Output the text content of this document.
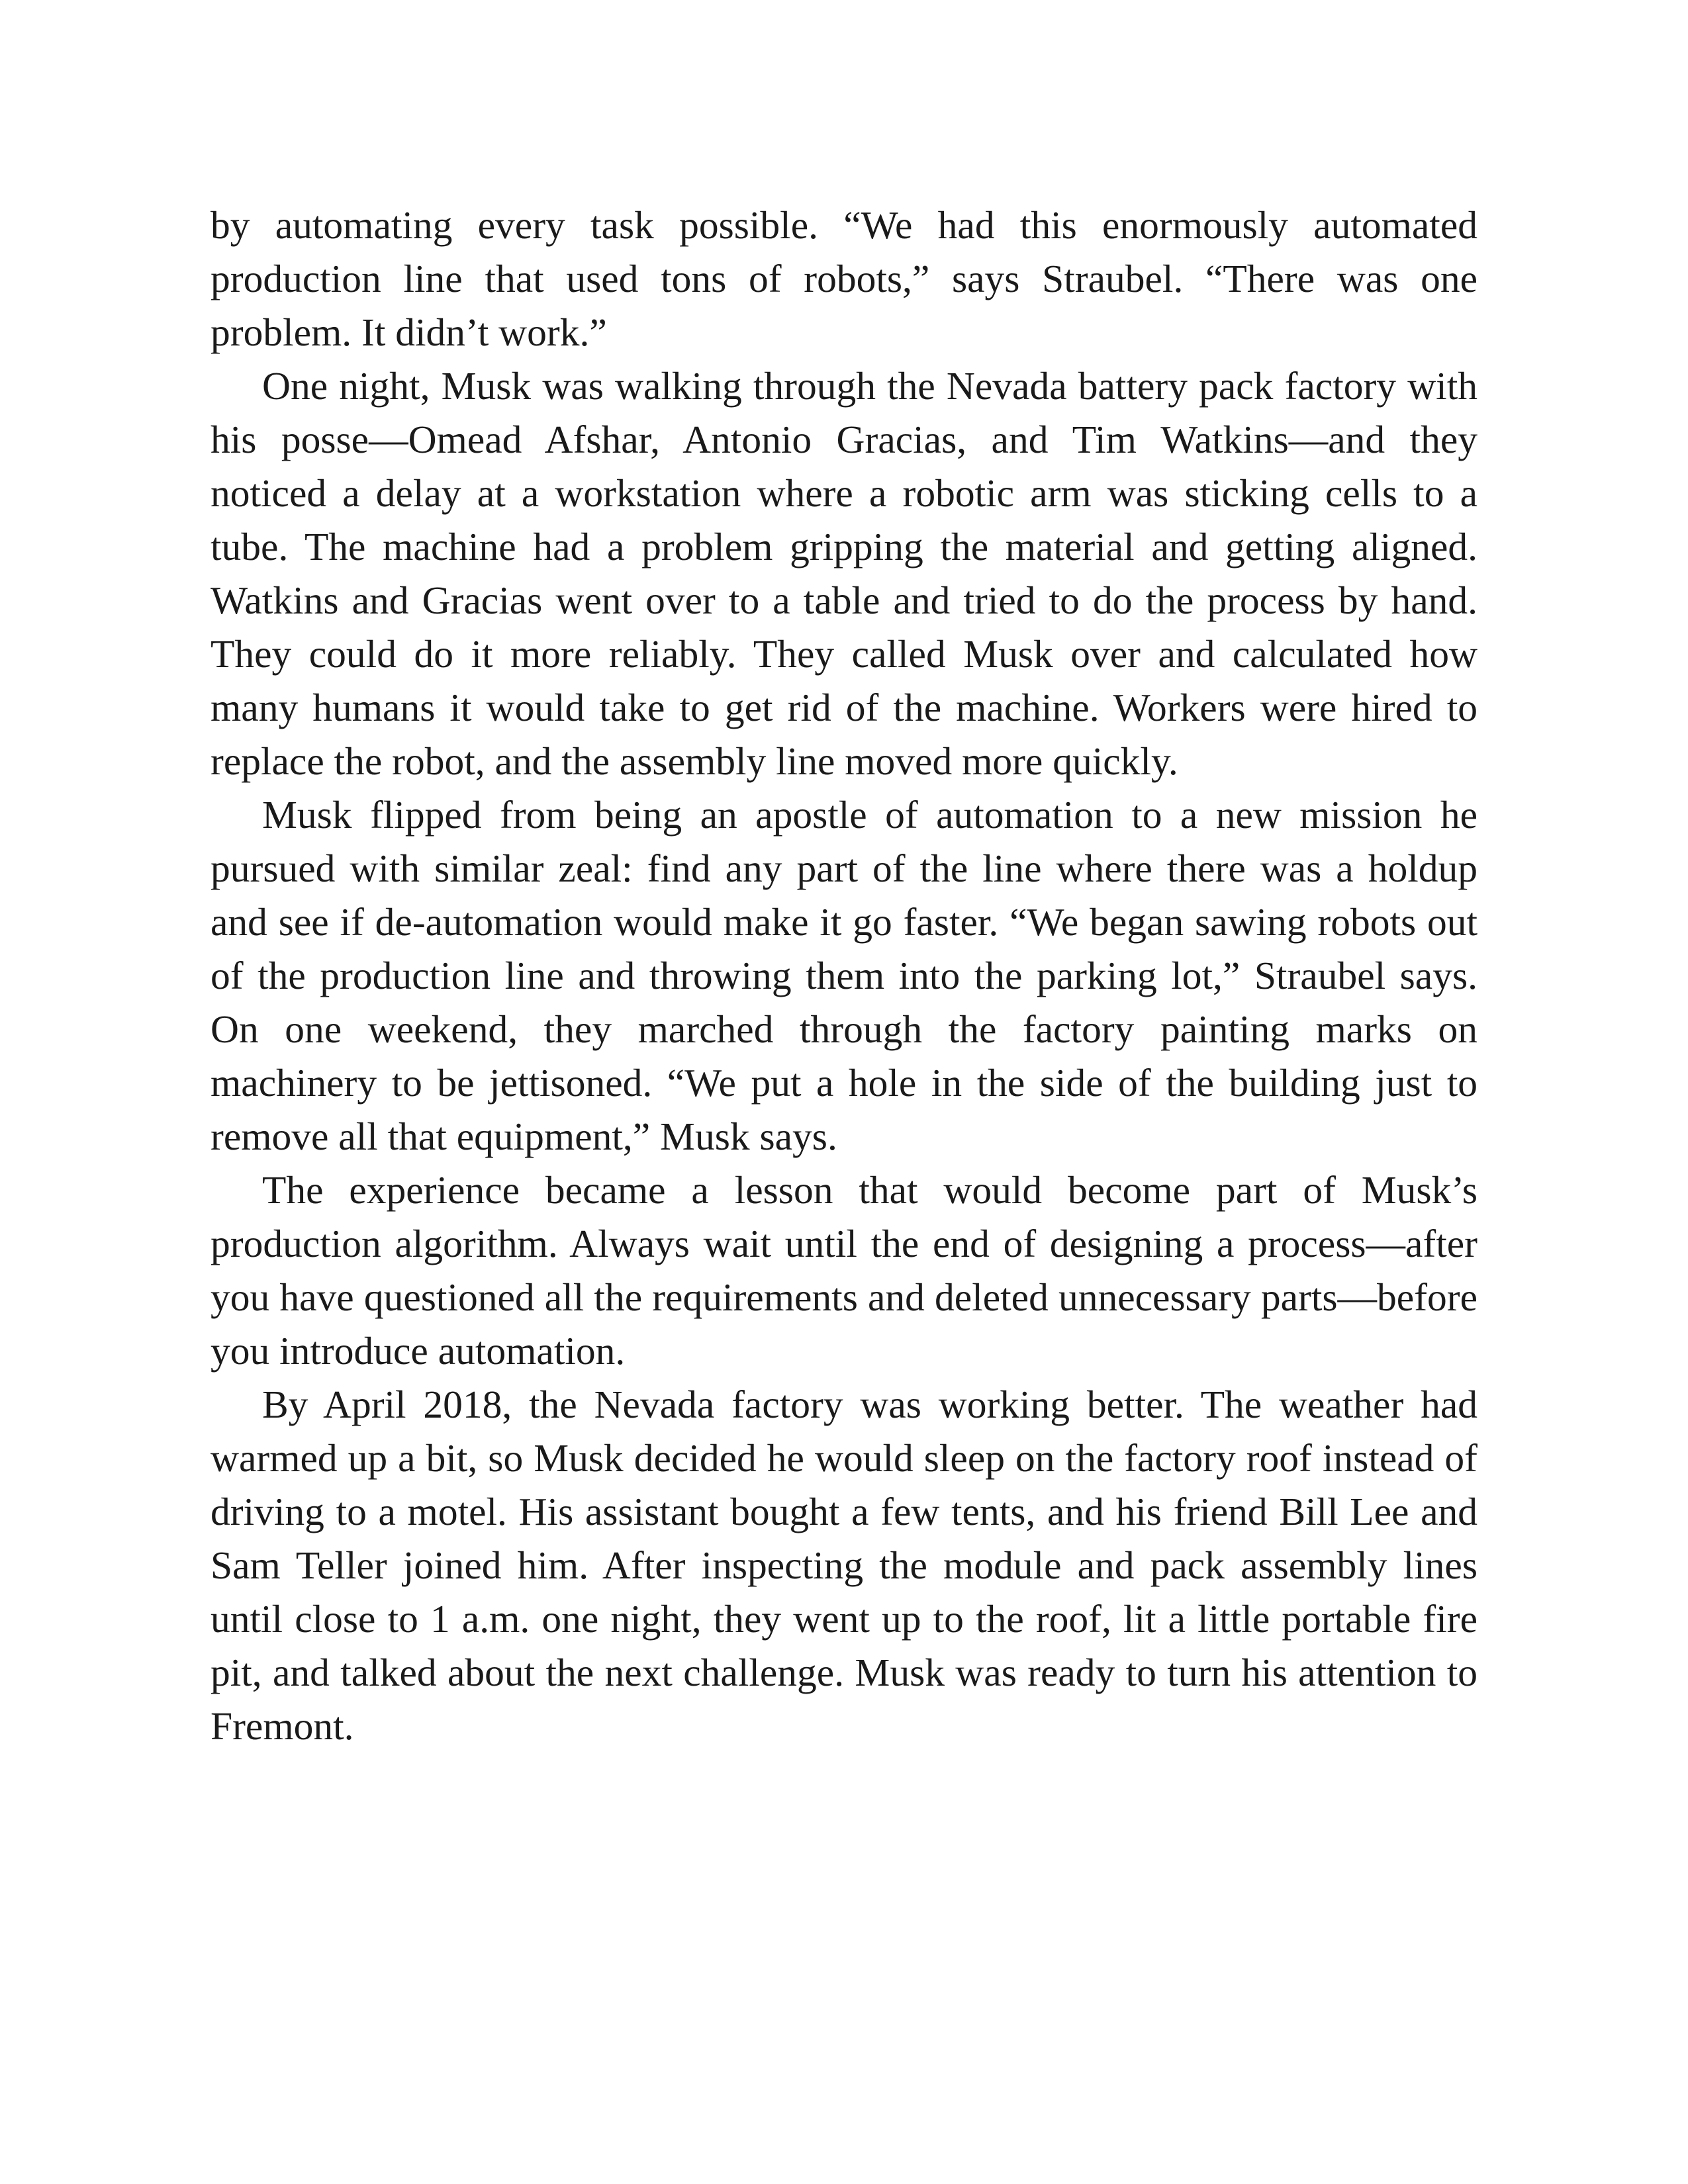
by automating every task possible. “We had this enormously automated production line that used tons of robots,” says Straubel. “There was one problem. It didn’t work.”

One night, Musk was walking through the Nevada battery pack factory with his posse—Omead Afshar, Antonio Gracias, and Tim Watkins—and they noticed a delay at a workstation where a robotic arm was sticking cells to a tube. The machine had a problem gripping the material and getting aligned. Watkins and Gracias went over to a table and tried to do the process by hand. They could do it more reliably. They called Musk over and calculated how many humans it would take to get rid of the machine. Workers were hired to replace the robot, and the assembly line moved more quickly.

Musk flipped from being an apostle of automation to a new mission he pursued with similar zeal: find any part of the line where there was a holdup and see if de-automation would make it go faster. “We began sawing robots out of the production line and throwing them into the parking lot,” Straubel says. On one weekend, they marched through the factory painting marks on machinery to be jettisoned. “We put a hole in the side of the building just to remove all that equipment,” Musk says.

The experience became a lesson that would become part of Musk’s production algorithm. Always wait until the end of designing a process—after you have questioned all the requirements and deleted unnecessary parts—before you introduce automation.

By April 2018, the Nevada factory was working better. The weather had warmed up a bit, so Musk decided he would sleep on the factory roof instead of driving to a motel. His assistant bought a few tents, and his friend Bill Lee and Sam Teller joined him. After inspecting the module and pack assembly lines until close to 1 a.m. one night, they went up to the roof, lit a little portable fire pit, and talked about the next challenge. Musk was ready to turn his attention to Fremont.
